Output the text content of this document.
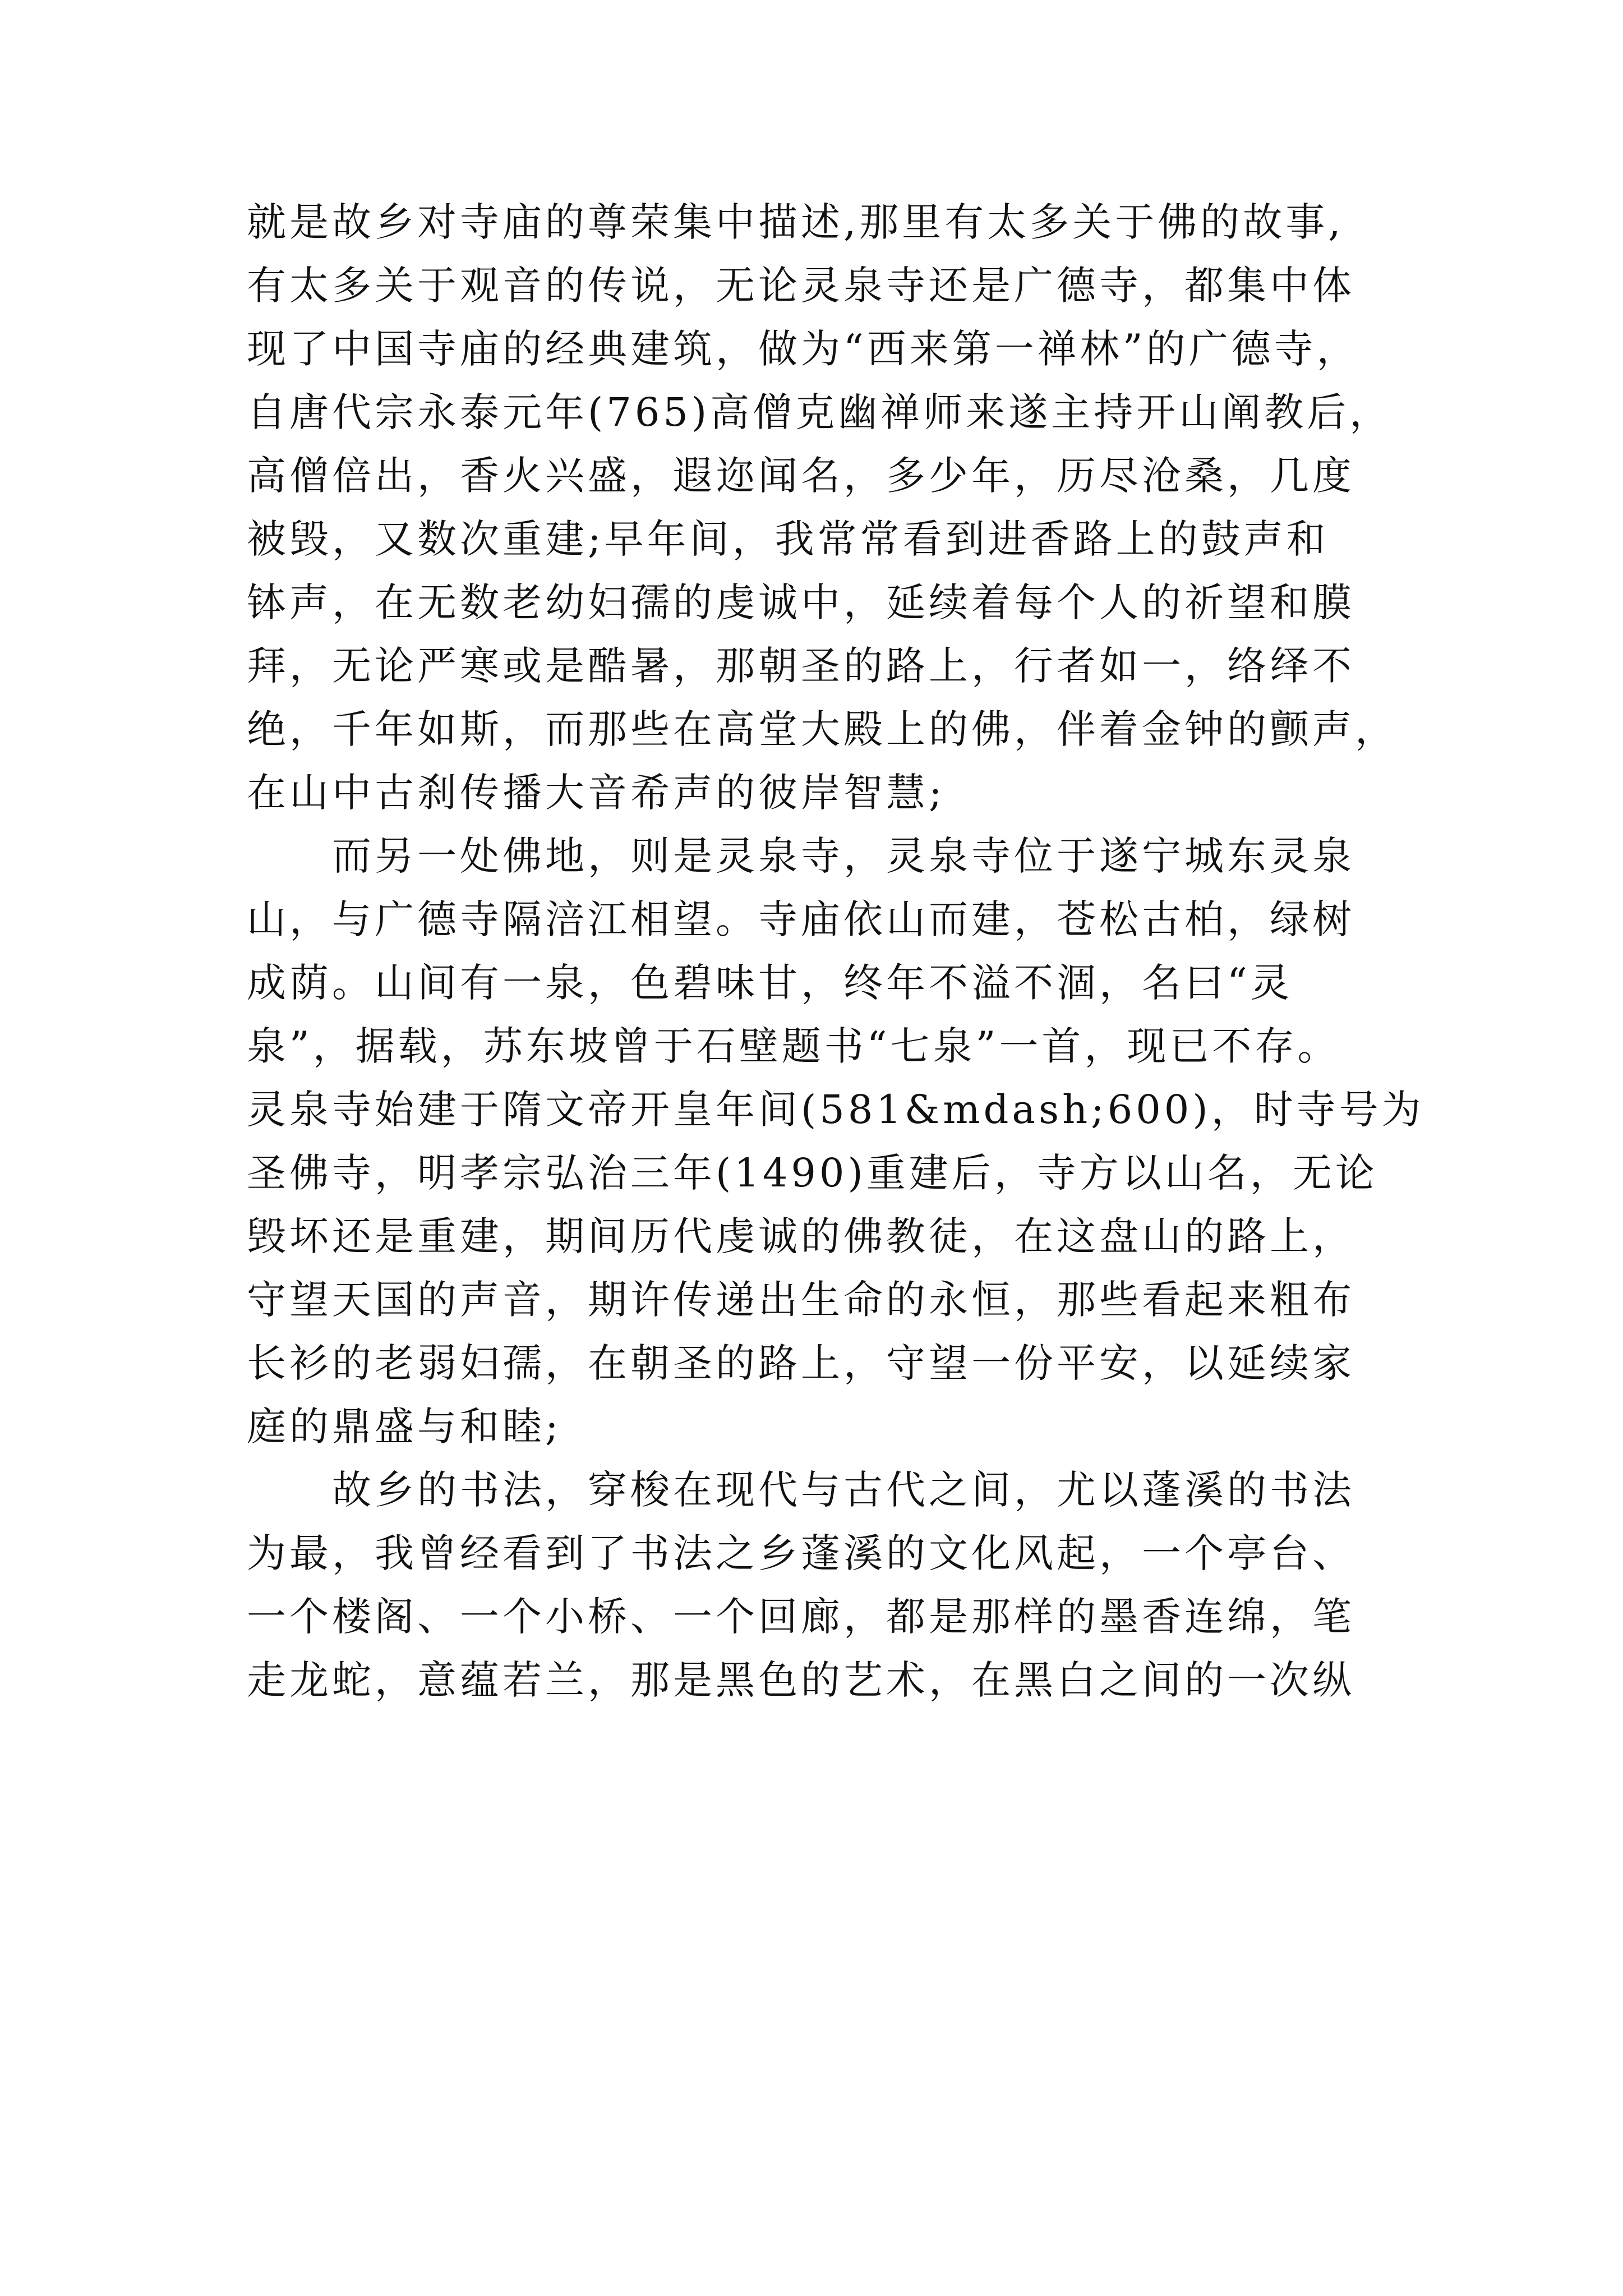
就是故乡对寺庙的尊荣集中描述,那里有太多关于佛的故事,
有太多关于观音的传说，无论灵泉寺还是广德寺，都集中体
现了中国寺庙的经典建筑，做为“西来第一禅林”的广德寺，
自唐代宗永泰元年(765)高僧克幽禅师来遂主持开山阐教后，
高僧倍出，香火兴盛，遐迩闻名，多少年，历尽沧桑，几度
被毁，又数次重建;早年间，我常常看到进香路上的鼓声和
钵声，在无数老幼妇孺的虔诚中，延续着每个人的祈望和膜
拜，无论严寒或是酷暑，那朝圣的路上，行者如一，络绎不
绝，千年如斯，而那些在高堂大殿上的佛，伴着金钟的颤声，
在山中古刹传播大音希声的彼岸智慧;
　　而另一处佛地，则是灵泉寺，灵泉寺位于遂宁城东灵泉
山，与广德寺隔涪江相望。寺庙依山而建，苍松古柏，绿树
成荫。山间有一泉，色碧味甘，终年不溢不涸，名曰“灵
泉”，据载，苏东坡曾于石壁题书“七泉”一首，现已不存。
灵泉寺始建于隋文帝开皇年间(581&mdash;600)，时寺号为
圣佛寺，明孝宗弘治三年(1490)重建后，寺方以山名，无论
毁坏还是重建，期间历代虔诚的佛教徒，在这盘山的路上，
守望天国的声音，期许传递出生命的永恒，那些看起来粗布
长衫的老弱妇孺，在朝圣的路上，守望一份平安，以延续家
庭的鼎盛与和睦;
　　故乡的书法，穿梭在现代与古代之间，尤以蓬溪的书法
为最，我曾经看到了书法之乡蓬溪的文化风起，一个亭台、
一个楼阁、一个小桥、一个回廊，都是那样的墨香连绵，笔
走龙蛇，意蕴若兰，那是黑色的艺术，在黑白之间的一次纵
